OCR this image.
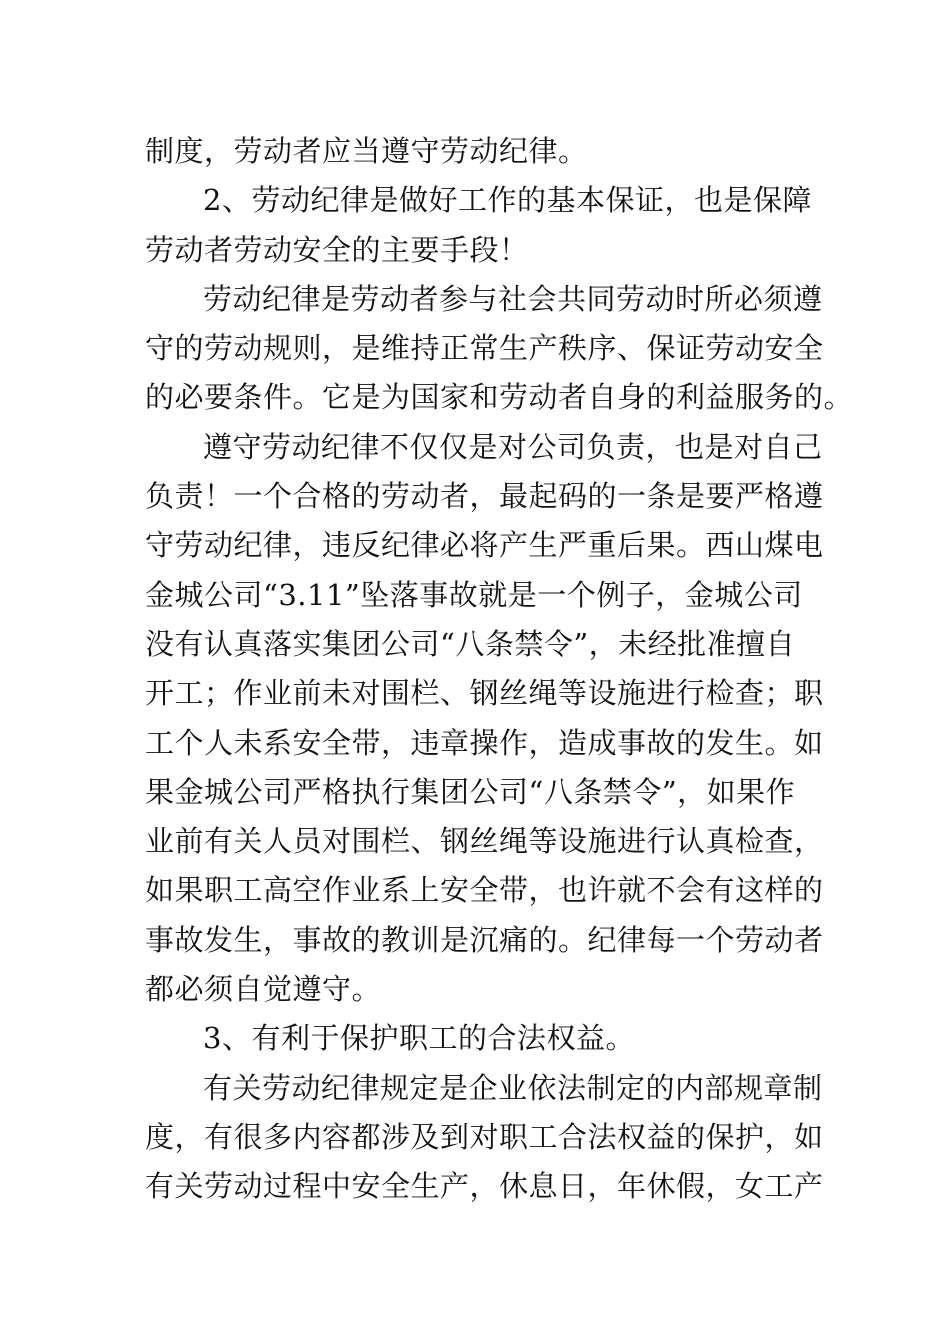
制度，劳动者应当遵守劳动纪律。
2、劳动纪律是做好工作的基本保证，也是保障
劳动者劳动安全的主要手段！
劳动纪律是劳动者参与社会共同劳动时所必须遵
守的劳动规则，是维持正常生产秩序、保证劳动安全
的必要条件。它是为国家和劳动者自身的利益服务的。
遵守劳动纪律不仅仅是对公司负责，也是对自己
负责！一个合格的劳动者，最起码的一条是要严格遵
守劳动纪律，违反纪律必将产生严重后果。西山煤电
金城公司“3.11”坠落事故就是一个例子，金城公司
没有认真落实集团公司“八条禁令”，未经批准擅自
开工；作业前未对围栏、钢丝绳等设施进行检查；职
工个人未系安全带，违章操作，造成事故的发生。如
果金城公司严格执行集团公司“八条禁令”，如果作
业前有关人员对围栏、钢丝绳等设施进行认真检查，
如果职工高空作业系上安全带，也许就不会有这样的
事故发生，事故的教训是沉痛的。纪律每一个劳动者
都必须自觉遵守。
3、有利于保护职工的合法权益。
有关劳动纪律规定是企业依法制定的内部规章制
度，有很多内容都涉及到对职工合法权益的保护，如
有关劳动过程中安全生产，休息日，年休假，女工产
